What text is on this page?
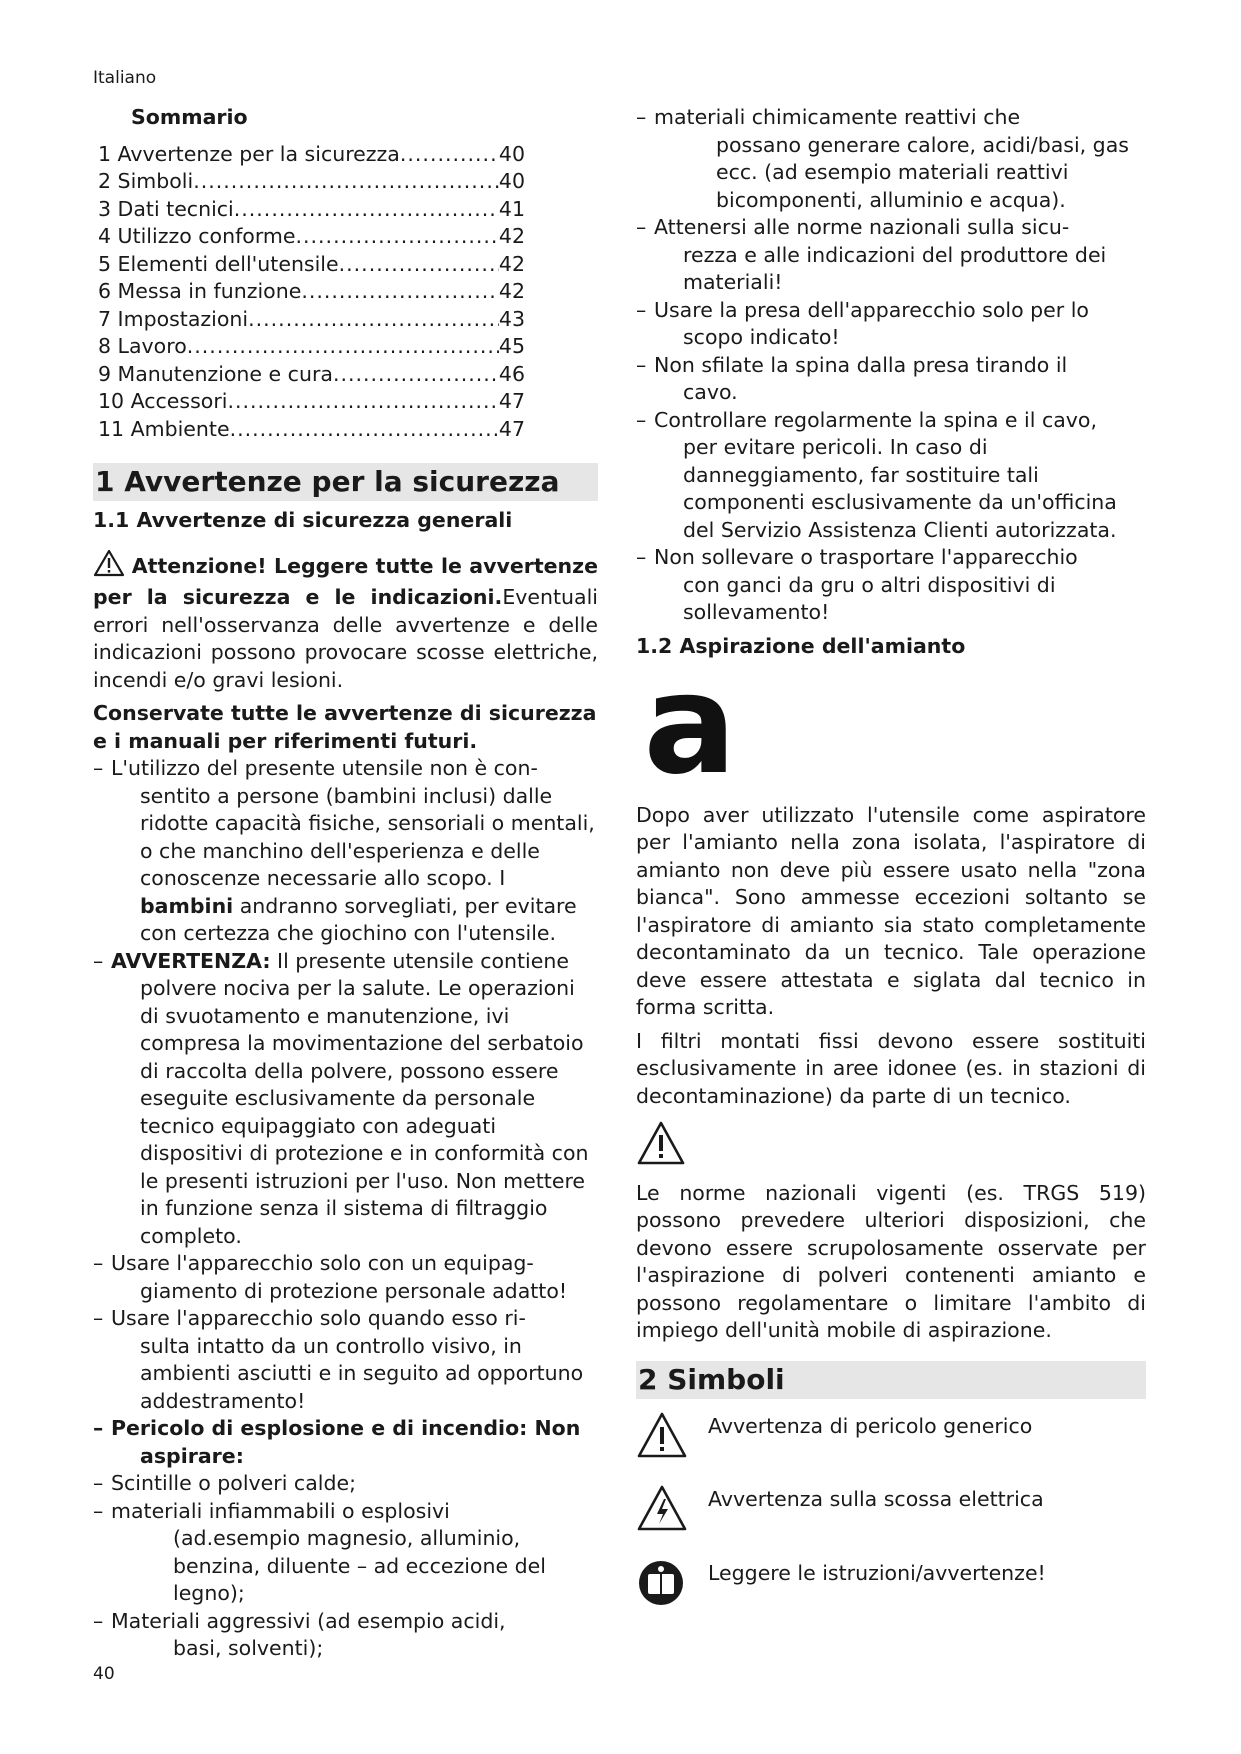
Italiano
Sommario
1 Avvertenze per la sicurezza .....	40
2 Simboli .....	40
3 Dati tecnici .....	41
4 Utilizzo conforme .....	42
5 Elementi dell'utensile .....	42
6 Messa in funzione .....	42
7 Impostazioni .....	43
8 Lavoro .....	45
9 Manutenzione e cura .....	46
10 Accessori .....	47
11 Ambiente .....	47
1 Avvertenze per la sicurezza
1.1 Avvertenze di sicurezza generali
Attenzione! Leggere tutte le avvertenze per la sicurezza e le indicazioni.Eventuali errori nell'osservanza delle avvertenze e delle indicazioni possono provocare scosse elettriche, incendi e/o gravi lesioni.
Conservate tutte le avvertenze di sicurezza e i manuali per riferimenti futuri.
– L'utilizzo del presente utensile non è con-
sentito a persone (bambini inclusi) dalle ridotte capacità fisiche, sensoriali o mentali, o che manchino dell'esperienza e delle conoscenze necessarie allo scopo. I bambini andranno sorvegliati, per evitare con certezza che giochino con l'utensile.
– AVVERTENZA: Il presente utensile contiene
polvere nociva per la salute. Le operazioni di svuotamento e manutenzione, ivi compresa la movimentazione del serbatoio di raccolta della polvere, possono essere eseguite esclusivamente da personale tecnico equipaggiato con adeguati dispositivi di protezione e in conformità con le presenti istruzioni per l'uso. Non mettere in funzione senza il sistema di filtraggio completo.
– Usare l'apparecchio solo con un equipag-
giamento di protezione personale adatto!
– Usare l'apparecchio solo quando esso ri-
sulta intatto da un controllo visivo, in ambienti asciutti e in seguito ad opportuno addestramento!
– Pericolo di esplosione e di incendio: Non
aspirare:
– Scintille o polveri calde;
– materiali infiammabili o esplosivi
(ad.esempio magnesio, alluminio, benzina, diluente – ad eccezione del legno);
– Materiali aggressivi (ad esempio acidi,
basi, solventi);
– materiali chimicamente reattivi che
possano generare calore, acidi/basi, gas ecc. (ad esempio materiali reattivi bicomponenti, alluminio e acqua).
– Attenersi alle norme nazionali sulla sicu-
rezza e alle indicazioni del produttore dei materiali!
– Usare la presa dell'apparecchio solo per lo
scopo indicato!
– Non sfilate la spina dalla presa tirando il
cavo.
– Controllare regolarmente la spina e il cavo,
per evitare pericoli. In caso di danneggiamento, far sostituire tali componenti esclusivamente da un'officina del Servizio Assistenza Clienti autorizzata.
– Non sollevare o trasportare l'apparecchio
con ganci da gru o altri dispositivi di sollevamento!
1.2 Aspirazione dell'amianto
a
Dopo aver utilizzato l'utensile come aspiratore per l'amianto nella zona isolata, l'aspiratore di amianto non deve più essere usato nella "zona bianca". Sono ammesse eccezioni soltanto se l'aspiratore di amianto sia stato completamente decontaminato da un tecnico. Tale operazione deve essere attestata e siglata dal tecnico in forma scritta.
I filtri montati fissi devono essere sostituiti esclusivamente in aree idonee (es. in stazioni di decontaminazione) da parte di un tecnico.
Le norme nazionali vigenti (es. TRGS 519) possono prevedere ulteriori disposizioni, che devono essere scrupolosamente osservate per l'aspirazione di polveri contenenti amianto e possono regolamentare o limitare l'ambito di impiego dell'unità mobile di aspirazione.
2 Simboli
Avvertenza di pericolo generico
Avvertenza sulla scossa elettrica
Leggere le istruzioni/avvertenze!
40
